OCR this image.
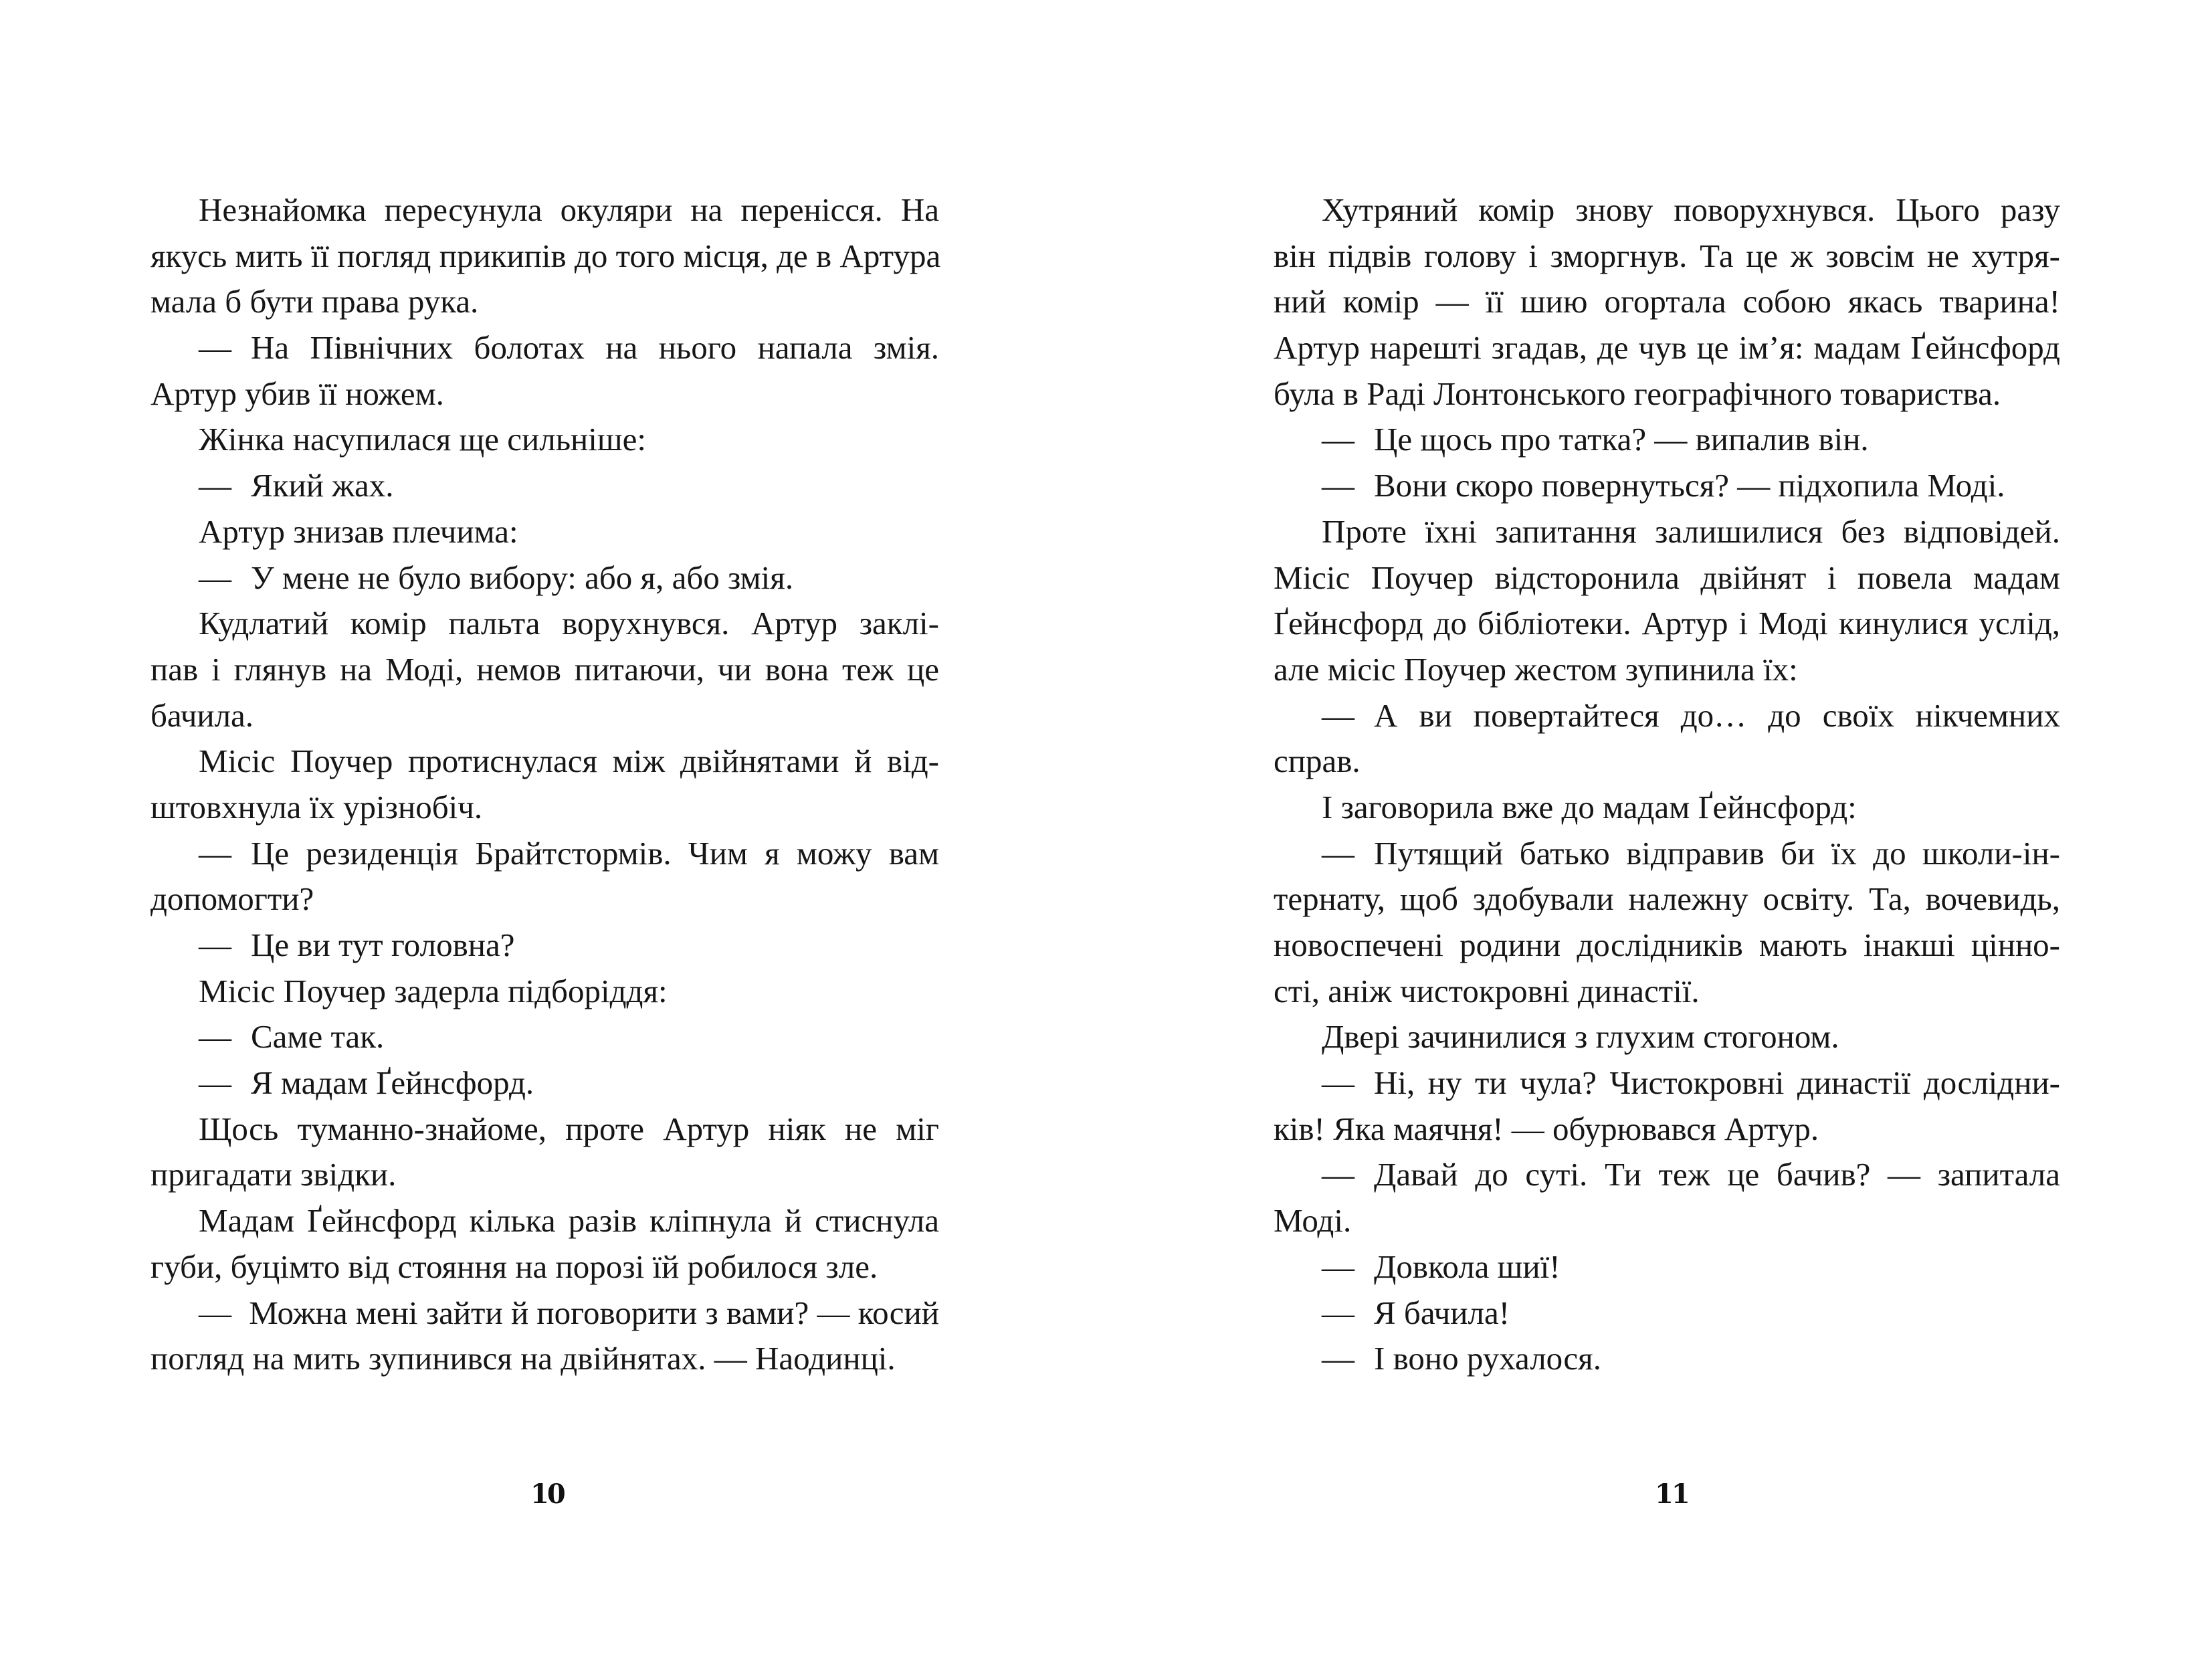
Незнайомка пересунула окуляри на перенісся. На
якусь мить її погляд прикипів до того місця, де в Артура
мала б бути права рука.
— На Північних болотах на нього напала змія.
Артур убив її ножем.
Жінка насупилася ще сильніше:
— Який жах.
Артур знизав плечима:
— У мене не було вибору: або я, або змія.
Кудлатий комір пальта ворухнувся. Артур заклі-
пав і глянув на Моді, немов питаючи, чи вона теж це
бачила.
Місіс Поучер протиснулася між двійнятами й від-
штовхнула їх урізнобіч.
— Це резиденція Брайтстормів. Чим я можу вам
допомогти?
— Це ви тут головна?
Місіс Поучер задерла підборіддя:
— Саме так.
— Я мадам Ґейнсфорд.
Щось туманно-знайоме, проте Артур ніяк не міг
пригадати звідки.
Мадам Ґейнсфорд кілька разів кліпнула й стиснула
губи, буцімто від стояння на порозі їй робилося зле.
— Можна мені зайти й поговорити з вами? — косий
погляд на мить зупинився на двійнятах. — Наодинці.
10
Хутряний комір знову поворухнувся. Цього разу
він підвів голову і зморгнув. Та це ж зовсім не хутря-
ний комір — її шию огортала собою якась тварина!
Артур нарешті згадав, де чув це ім’я: мадам Ґейнсфорд
була в Раді Лонтонського географічного товариства.
— Це щось про татка? — випалив він.
— Вони скоро повернуться? — підхопила Моді.
Проте їхні запитання залишилися без відповідей.
Місіс Поучер відсторонила двійнят і повела мадам
Ґейнсфорд до бібліотеки. Артур і Моді кинулися услід,
але місіс Поучер жестом зупинила їх:
— А ви повертайтеся до… до своїх нікчемних
справ.
І заговорила вже до мадам Ґейнсфорд:
— Путящий батько відправив би їх до школи-ін-
тернату, щоб здобували належну освіту. Та, вочевидь,
новоспечені родини дослідників мають інакші цінно-
сті, аніж чистокровні династії.
Двері зачинилися з глухим стогоном.
— Ні, ну ти чула? Чистокровні династії дослідни-
ків! Яка маячня! — обурювався Артур.
— Давай до суті. Ти теж це бачив? — запитала
Моді.
— Довкола шиї!
— Я бачила!
— І воно рухалося.
11
